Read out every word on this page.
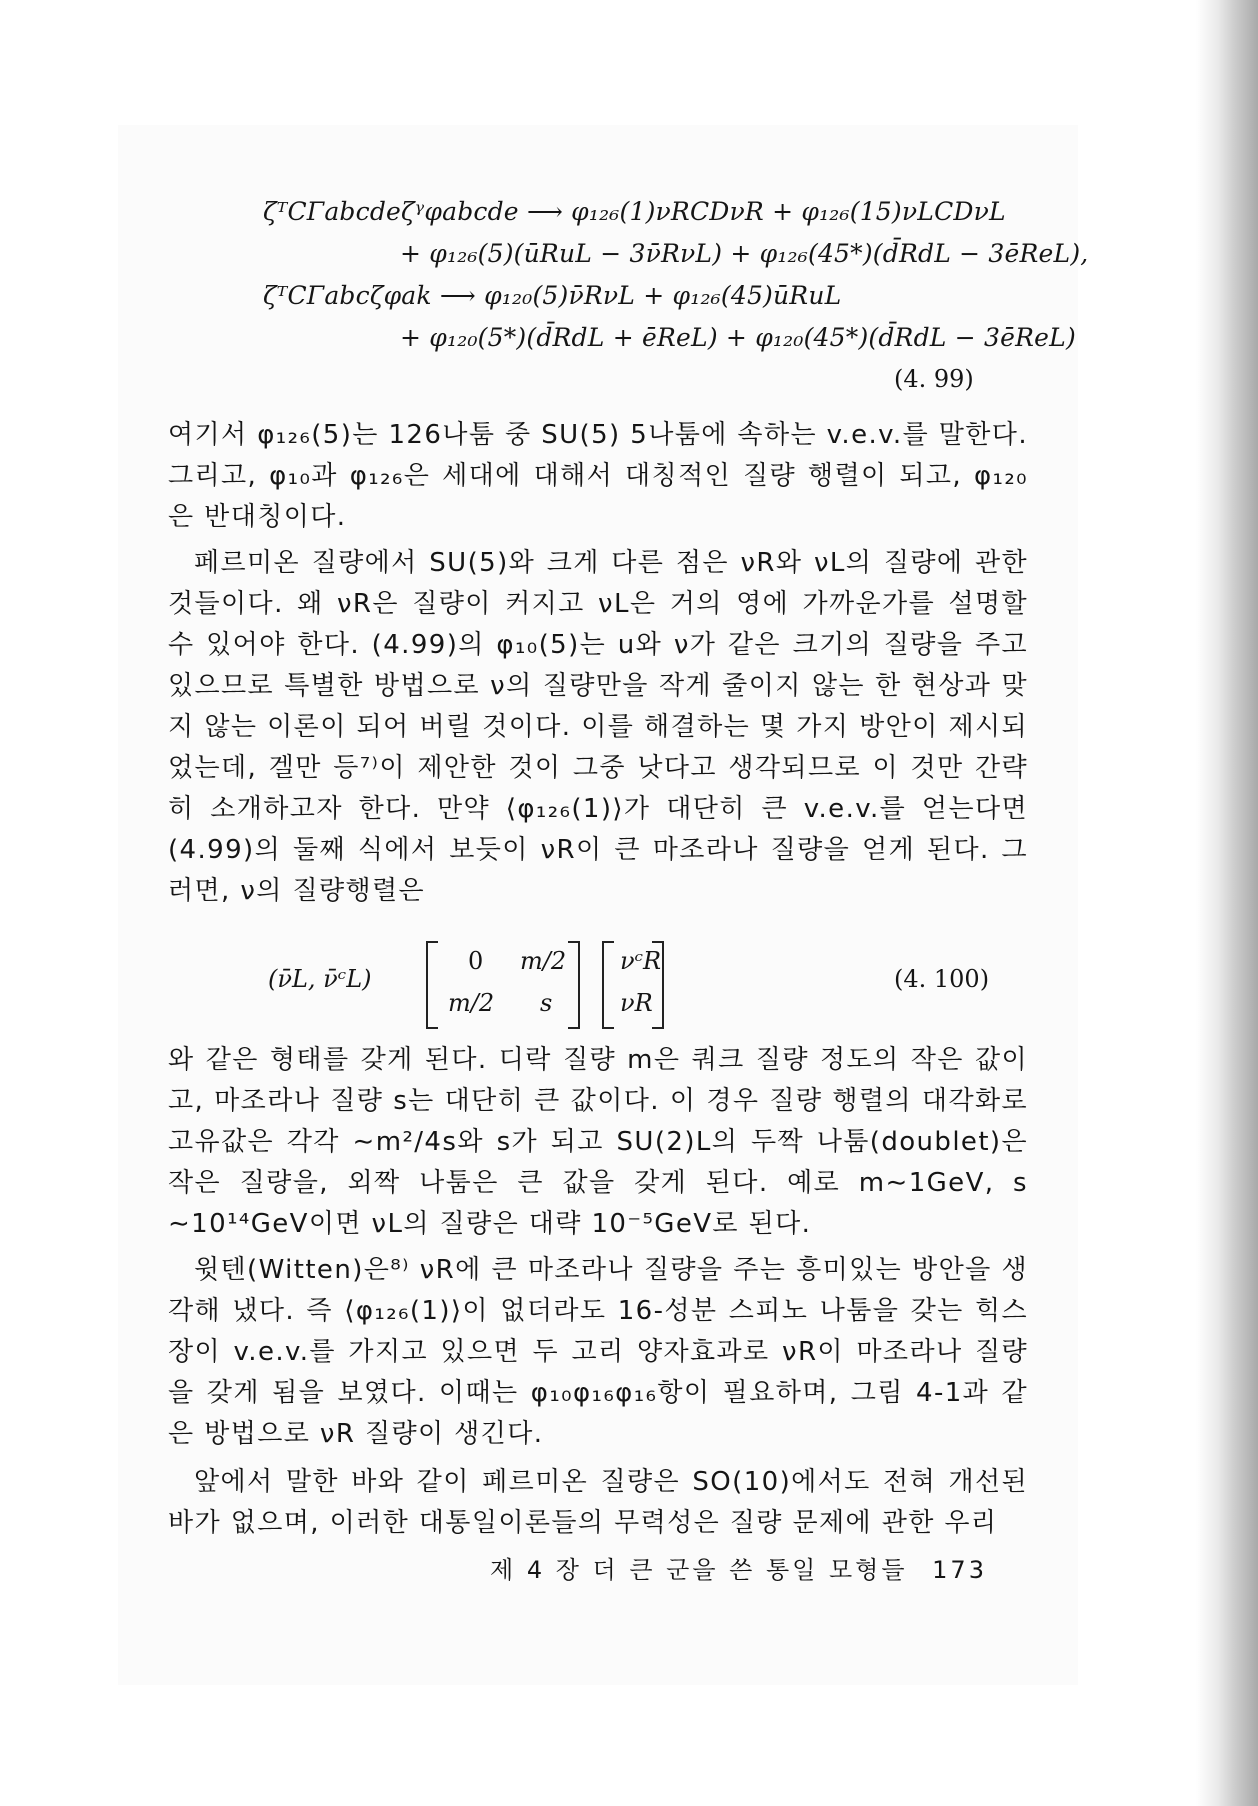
ζᵀCΓabcdeζᵞφabcde ⟶ φ₁₂₆(1)νRCDνR + φ₁₂₆(15)νLCDνL
+ φ₁₂₆(5)(ūRuL − 3ν̄RνL) + φ₁₂₆(45*)(d̄RdL − 3ēReL),
ζᵀCΓabcζφak ⟶ φ₁₂₀(5)ν̄RνL + φ₁₂₆(45)ūRuL
+ φ₁₂₀(5*)(d̄RdL + ēReL) + φ₁₂₀(45*)(d̄RdL − 3ēReL)
(4. 99)

여기서 φ₁₂₆(5)는 126나툼 중 SU(5) 5나툼에 속하는 v.e.v.를 말한다. 그리고, φ₁₀과 φ₁₂₆은 세대에 대해서 대칭적인 질량 행렬이 되고, φ₁₂₀은 반대칭이다.

페르미온 질량에서 SU(5)와 크게 다른 점은 νR와 νL의 질량에 관한 것들이다. 왜 νR은 질량이 커지고 νL은 거의 영에 가까운가를 설명할 수 있어야 한다. (4.99)의 φ₁₀(5)는 u와 ν가 같은 크기의 질량을 주고 있으므로 특별한 방법으로 ν의 질량만을 작게 줄이지 않는 한 현상과 맞지 않는 이론이 되어 버릴 것이다. 이를 해결하는 몇 가지 방안이 제시되었는데, 겔만 등⁷⁾이 제안한 것이 그중 낫다고 생각되므로 이 것만 간략히 소개하고자 한다. 만약 ⟨φ₁₂₆(1)⟩가 대단히 큰 v.e.v.를 얻는다면 (4.99)의 둘째 식에서 보듯이 νR이 큰 마조라나 질량을 얻게 된다. 그러면, ν의 질량행렬은

(ν̄L, ν̄ᶜL)
0 m/2
m/2 s
νᶜR
νR
(4. 100)

와 같은 형태를 갖게 된다. 디락 질량 m은 쿼크 질량 정도의 작은 값이고, 마조라나 질량 s는 대단히 큰 값이다. 이 경우 질량 행렬의 대각화로 고유값은 각각 ∼m²/4s와 s가 되고 SU(2)L의 두짝 나툼(doublet)은 작은 질량을, 외짝 나툼은 큰 값을 갖게 된다. 예로 m∼1GeV, s ∼10¹⁴GeV이면 νL의 질량은 대략 10⁻⁵GeV로 된다.

윗텐(Witten)은⁸⁾ νR에 큰 마조라나 질량을 주는 흥미있는 방안을 생각해 냈다. 즉 ⟨φ₁₂₆(1)⟩이 없더라도 16-성분 스피노 나툼을 갖는 힉스 장이 v.e.v.를 가지고 있으면 두 고리 양자효과로 νR이 마조라나 질량을 갖게 됨을 보였다. 이때는 φ₁₀φ₁₆φ₁₆항이 필요하며, 그림 4-1과 같은 방법으로 νR 질량이 생긴다.

앞에서 말한 바와 같이 페르미온 질량은 SO(10)에서도 전혀 개선된 바가 없으며, 이러한 대통일이론들의 무력성은 질량 문제에 관한 우리

제 4 장 더 큰 군을 쓴 통일 모형들 173
